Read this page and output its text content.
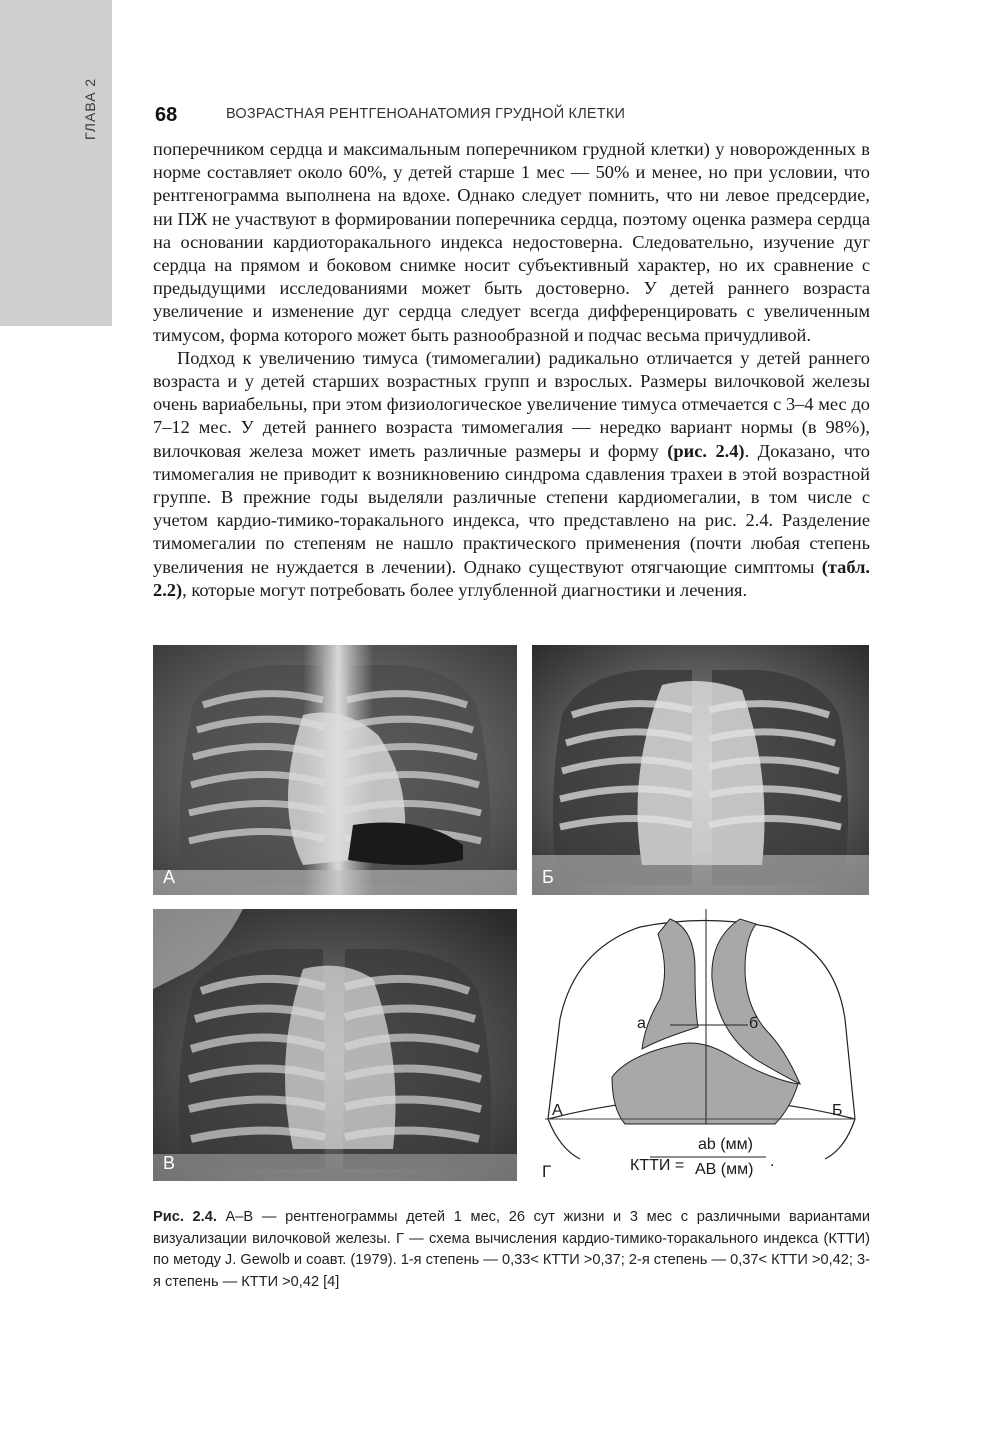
ГЛАВА 2	68	ВОЗРАСТНАЯ РЕНТГЕНОАНАТОМИЯ ГРУДНОЙ КЛЕТКИ

поперечником сердца и максимальным поперечником грудной клетки) у новорожденных в норме составляет около 60%, у детей старше 1 мес — 50% и менее, но при условии, что рентгенограмма выполнена на вдохе. Однако следует помнить, что ни левое предсердие, ни ПЖ не участвуют в формировании поперечника сердца, поэтому оценка размера сердца на основании кардиоторакального индекса недостоверна. Следовательно, изучение дуг сердца на прямом и боковом снимке носит субъективный характер, но их сравнение с предыдущими исследованиями может быть достоверно. У детей раннего возраста увеличение и изменение дуг сердца следует всегда дифференцировать с увеличенным тимусом, форма которого может быть разнообразной и подчас весьма причудливой.

Подход к увеличению тимуса (тимомегалии) радикально отличается у детей раннего возраста и у детей старших возрастных групп и взрослых. Размеры вилочковой железы очень вариабельны, при этом физиологическое увеличение тимуса отмечается с 3–4 мес до 7–12 мес. У детей раннего возраста тимомегалия — нередко вариант нормы (в 98%), вилочковая железа может иметь различные размеры и форму (рис. 2.4). Доказано, что тимомегалия не приводит к возникновению синдрома сдавления трахеи в этой возрастной группе. В прежние годы выделяли различные степени кардиомегалии, в том числе с учетом кардио-тимико-торакального индекса, что представлено на рис. 2.4. Разделение тимомегалии по степеням не нашло практического применения (почти любая степень увеличения не нуждается в лечении). Однако существуют отягчающие симптомы (табл. 2.2), которые могут потребовать более углубленной диагностики и лечения.

А	Б
В
а	б
А	Б
Г	КТТИ =
ab (мм)
AB (мм) .
Рис. 2.4. А–В — рентгенограммы детей 1 мес, 26 сут жизни и 3 мес с различными вариантами визуализации вилочковой железы. Г — схема вычисления кардио-тимико-торакального индекса (КТТИ) по методу J. Gewolb и соавт. (1979). 1-я степень — 0,33< КТТИ >0,37; 2-я степень — 0,37< КТТИ >0,42; 3-я степень — КТТИ >0,42 [4]
